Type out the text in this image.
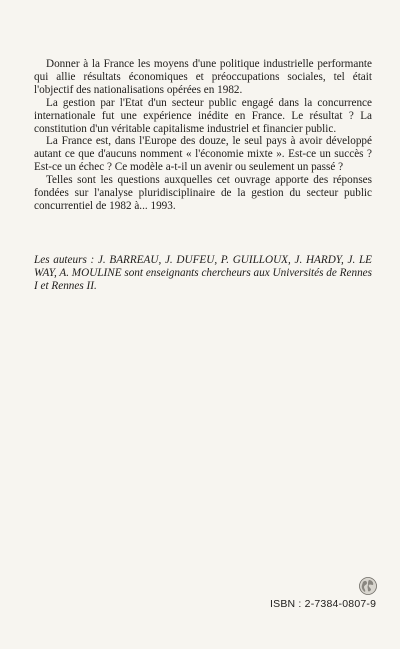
Donner à la France les moyens d'une politique industrielle performante qui allie résultats économiques et préoccupations sociales, tel était l'objectif des nationalisations opérées en 1982.

La gestion par l'Etat d'un secteur public engagé dans la concurrence internationale fut une expérience inédite en France. Le résultat ? La constitution d'un véritable capitalisme industriel et financier public.

La France est, dans l'Europe des douze, le seul pays à avoir développé autant ce que d'aucuns nomment « l'économie mixte ». Est-ce un succès ? Est-ce un échec ? Ce modèle a-t-il un avenir ou seulement un passé ?

Telles sont les questions auxquelles cet ouvrage apporte des réponses fondées sur l'analyse pluridisciplinaire de la gestion du secteur public concurrentiel de 1982 à... 1993.

Les auteurs : J. BARREAU, J. DUFEU, P. GUILLOUX, J. HARDY, J. LE WAY, A. MOULINE sont enseignants chercheurs aux Universités de Rennes I et Rennes II.

ISBN : 2-7384-0807-9
